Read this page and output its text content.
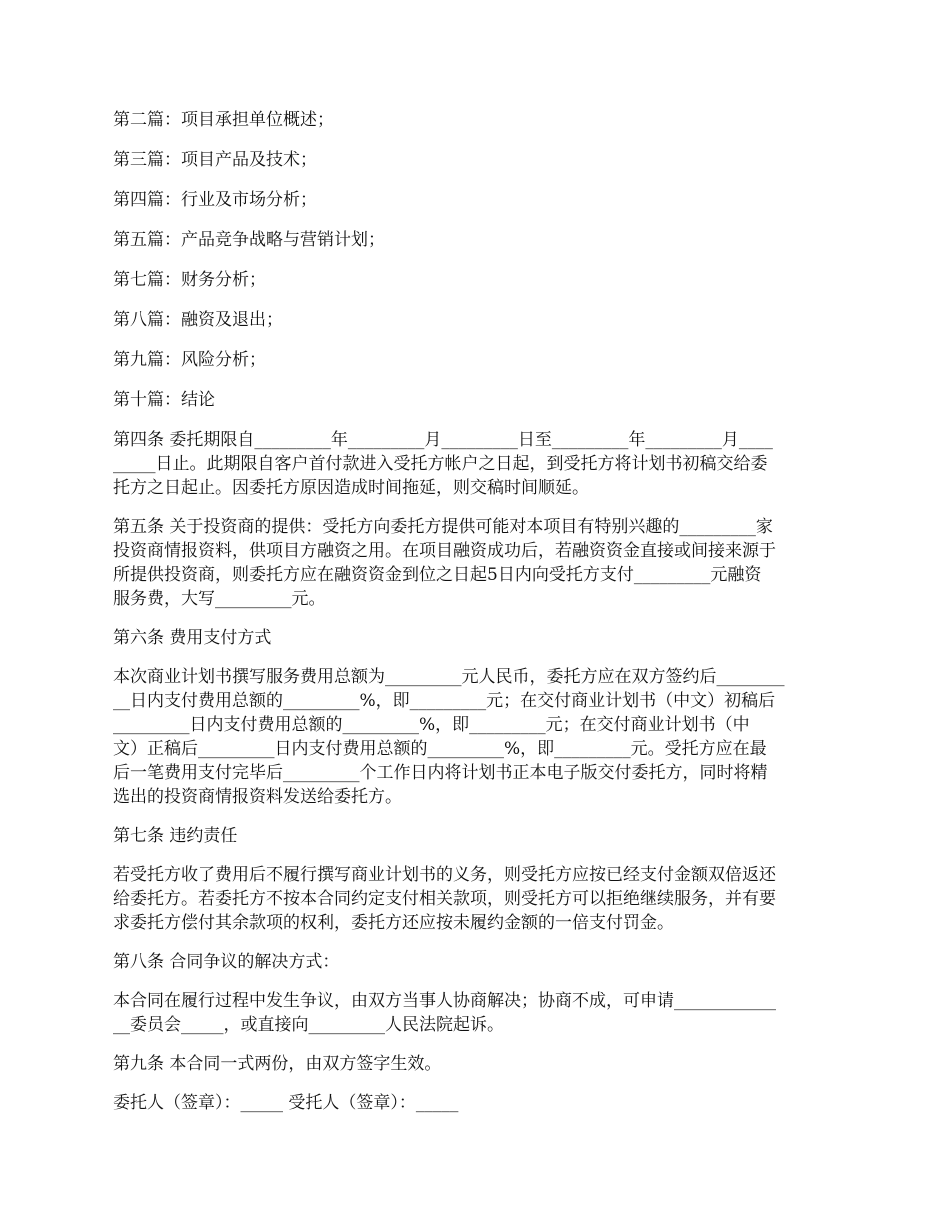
第二篇：项目承担单位概述；

第三篇：项目产品及技术；

第四篇：行业及市场分析；

第五篇：产品竞争战略与营销计划；

第七篇：财务分析；

第八篇：融资及退出；

第九篇：风险分析；

第十篇：结论

第四条 委托期限自_________年_________月_________日至_________年_________月____

_____日止。此期限自客户首付款进入受托方帐户之日起，到受托方将计划书初稿交给委

托方之日起止。因委托方原因造成时间拖延，则交稿时间顺延。

第五条 关于投资商的提供：受托方向委托方提供可能对本项目有特别兴趣的_________家

投资商情报资料，供项目方融资之用。在项目融资成功后，若融资资金直接或间接来源于

所提供投资商，则委托方应在融资资金到位之日起5日内向受托方支付_________元融资

服务费，大写_________元。

第六条 费用支付方式

本次商业计划书撰写服务费用总额为_________元人民币，委托方应在双方签约后________

__日内支付费用总额的_________%，即_________元；在交付商业计划书（中文）初稿后

_________日内支付费用总额的_________%，即_________元；在交付商业计划书（中

文）正稿后_________日内支付费用总额的_________%，即_________元。受托方应在最

后一笔费用支付完毕后_________个工作日内将计划书正本电子版交付委托方，同时将精

选出的投资商情报资料发送给委托方。

第七条 违约责任

若受托方收了费用后不履行撰写商业计划书的义务，则受托方应按已经支付金额双倍返还

给委托方。若委托方不按本合同约定支付相关款项，则受托方可以拒绝继续服务，并有要

求委托方偿付其余款项的权利，委托方还应按未履约金额的一倍支付罚金。

第八条 合同争议的解决方式：

本合同在履行过程中发生争议，由双方当事人协商解决；协商不成，可申请____________

__委员会_____，或直接向_________人民法院起诉。

第九条 本合同一式两份，由双方签字生效。

委托人（签章）：_____ 受托人（签章）：_____
